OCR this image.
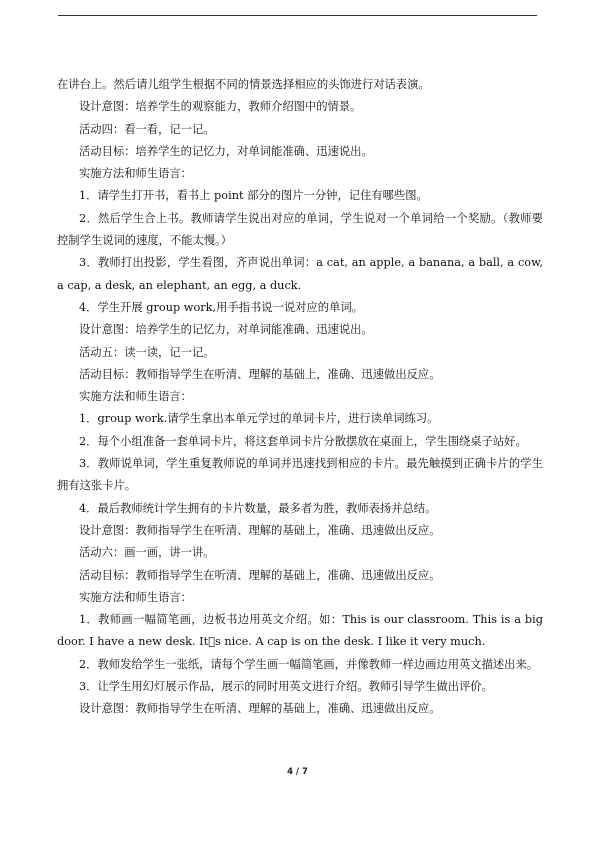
在讲台上。然后请儿组学生根据不同的情景选择相应的头饰进行对话表演。

设计意图：培养学生的观察能力，教师介绍图中的情景。

活动四：看一看，记一记。

活动目标：培养学生的记忆力，对单词能准确、迅速说出。

实施方法和师生语言：

1．请学生打开书，看书上 point 部分的图片一分钟，记住有哪些图。

2．然后学生合上书。教师请学生说出对应的单词，学生说对一个单词给一个奖励。（教师要控制学生说词的速度，不能太慢。）

3．教师打出投影，学生看图，齐声说出单词：a cat, an apple, a banana, a ball, a cow, a cap, a desk, an elephant, an egg, a duck.

4．学生开展 group work,用手指书说一说对应的单词。

设计意图：培养学生的记忆力，对单词能准确、迅速说出。

活动五：读一读，记一记。

活动目标：教师指导学生在听清、理解的基础上，准确、迅速做出反应。

实施方法和师生语言：

1．group work.请学生拿出本单元学过的单词卡片，进行读单词练习。

2．每个小组准备一套单词卡片，将这套单词卡片分散摆放在桌面上，学生围绕桌子站好。

3．教师说单词，学生重复教师说的单词并迅速找到相应的卡片。最先触摸到正确卡片的学生拥有这张卡片。

4．最后教师统计学生拥有的卡片数量，最多者为胜，教师表扬并总结。

设计意图：教师指导学生在听清、理解的基础上，准确、迅速做出反应。

活动六：画一画，讲一讲。

活动目标：教师指导学生在听清、理解的基础上，准确、迅速做出反应。

实施方法和师生语言：

1．教师画一幅简笔画，边板书边用英文介绍。如：This is our classroom. This is a big door. I have a new desk. It s nice. A cap is on the desk. I like it very much.

2．教师发给学生一张纸，请每个学生画一幅简笔画，并像教师一样边画边用英文描述出来。

3．让学生用幻灯展示作品，展示的同时用英文进行介绍。教师引导学生做出评价。

设计意图：教师指导学生在听清、理解的基础上，准确、迅速做出反应。

4 / 7
